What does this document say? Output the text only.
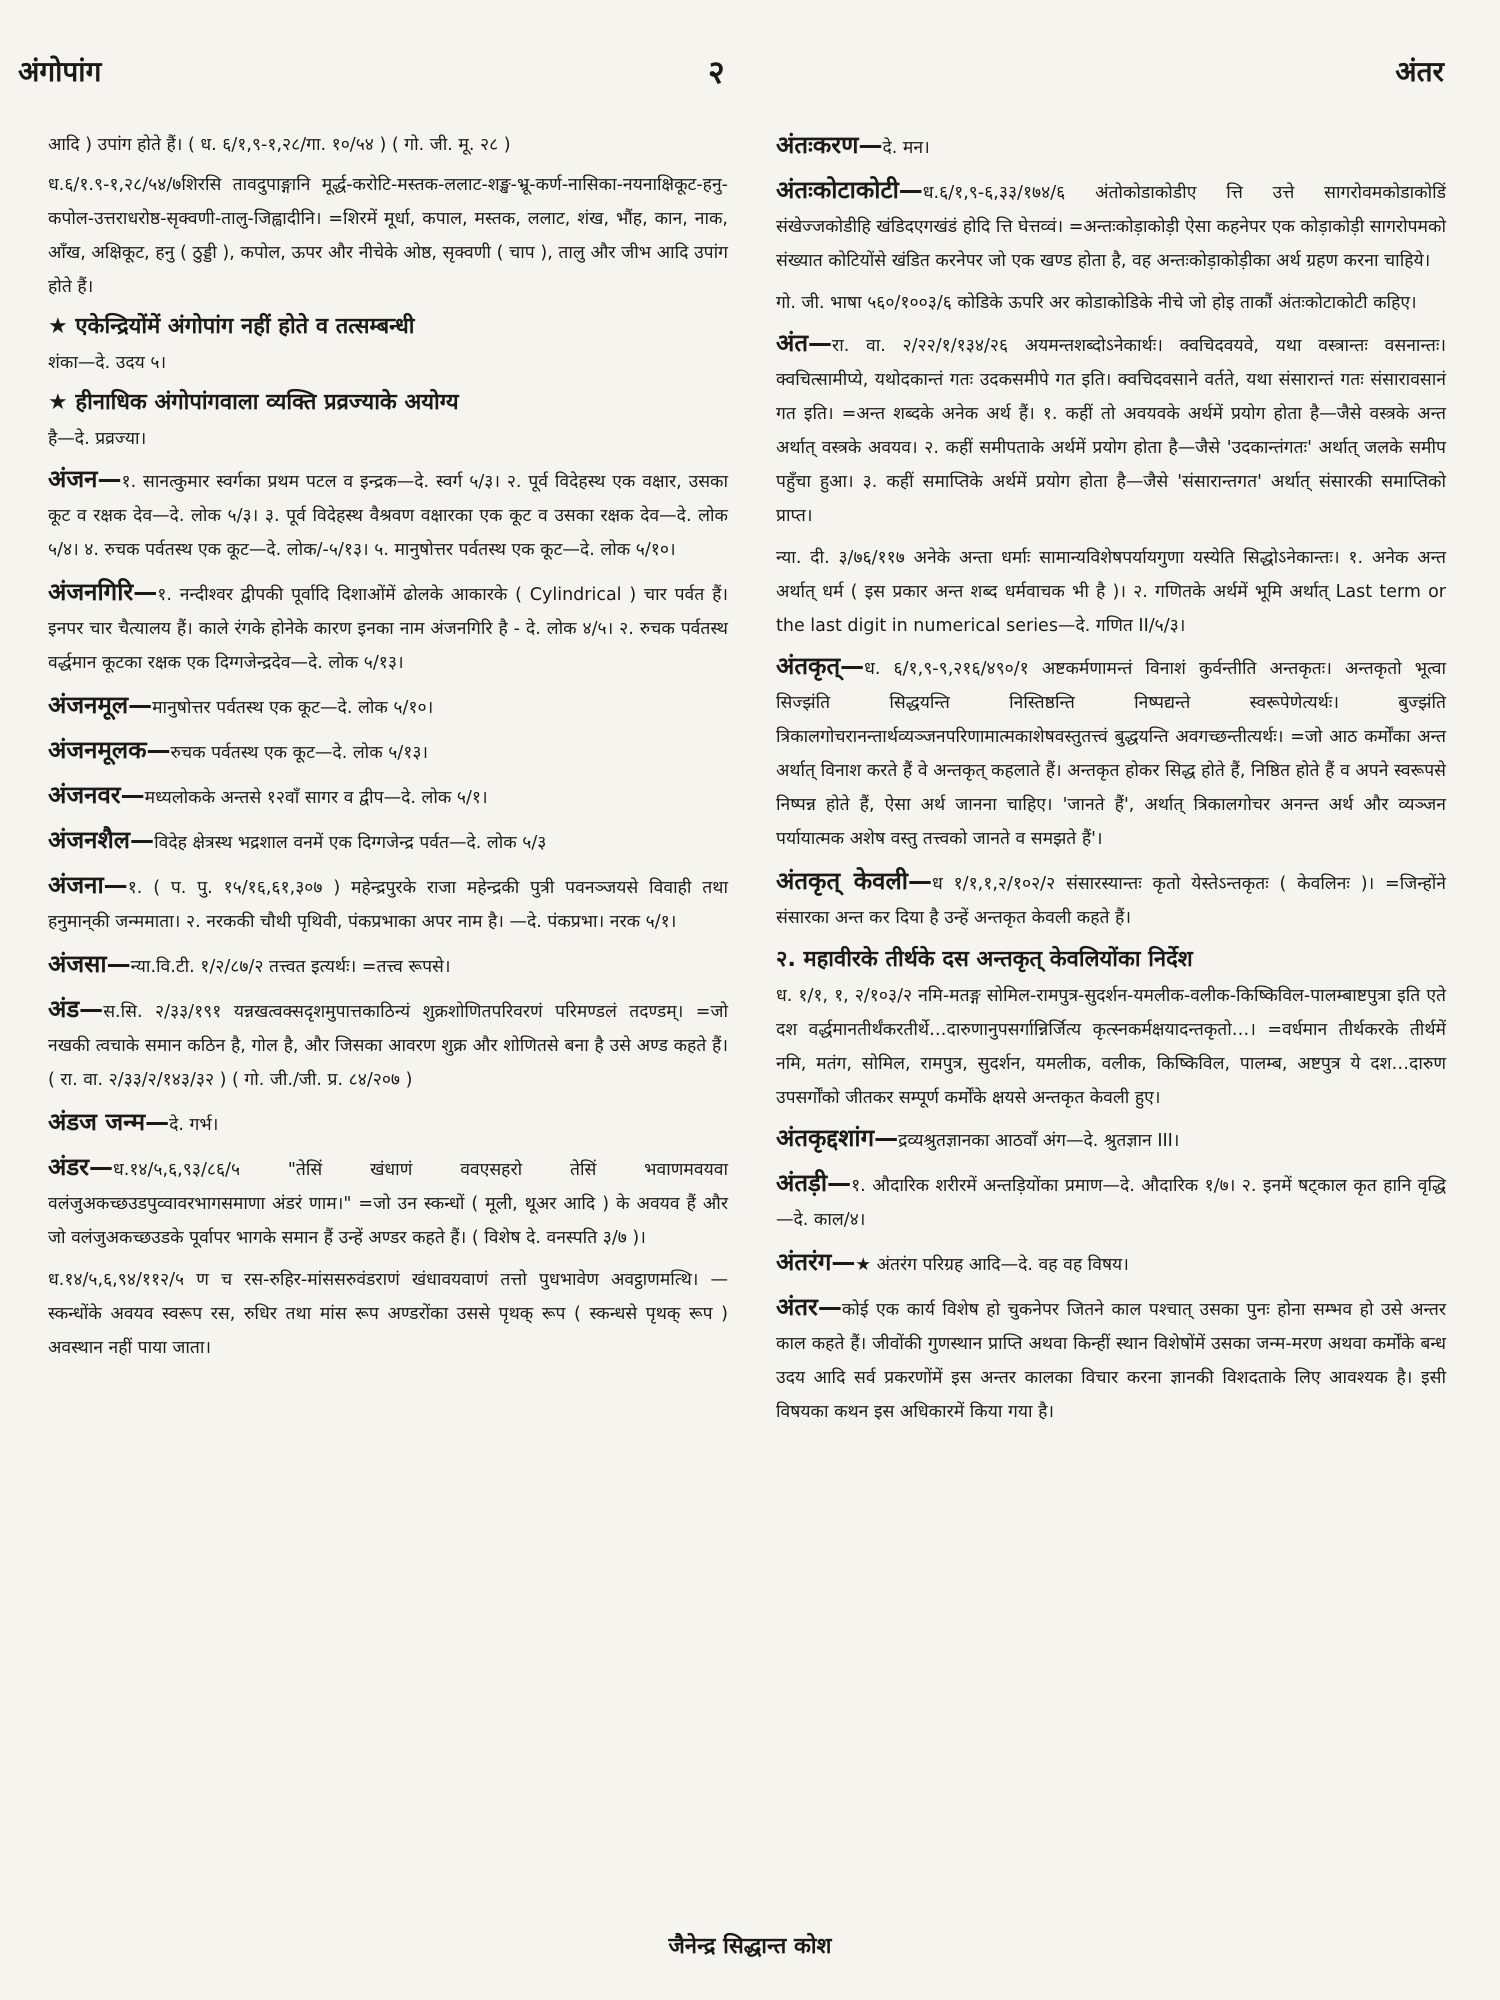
अंगोपांग	२	अंतर
आदि ) उपांग होते हैं। ( ध. ६/१,९-१,२८/गा. १०/५४ ) ( गो. जी. मू. २८ )
ध.६/१.९-१,२८/५४/७शिरसि तावदुपाङ्गानि मूर्द्ध-करोटि-मस्तक-ललाट-शङ्ख-भ्रू-कर्ण-नासिका-नयनाक्षिकूट-हनु-कपोल-उत्तराधरोष्ठ-सृक्वणी-तालु-जिह्वादीनि। =शिरमें मूर्धा, कपाल, मस्तक, ललाट, शंख, भौंह, कान, नाक, आँख, अक्षिकूट, हनु ( ठुड्डी ), कपोल, ऊपर और नीचेके ओष्ठ, सृक्वणी ( चाप ), तालु और जीभ आदि उपांग होते हैं।
★ एकेन्द्रियोंमें अंगोपांग नहीं होते व तत्सम्बन्धी
शंका—दे. उदय ५।
★ हीनाधिक अंगोपांगवाला व्यक्ति प्रव्रज्याके अयोग्य
है—दे. प्रव्रज्या।
अंजन—१. सानत्कुमार स्वर्गका प्रथम पटल व इन्द्रक—दे. स्वर्ग ५/३। २. पूर्व विदेहस्थ एक वक्षार, उसका कूट व रक्षक देव—दे. लोक ५/३। ३. पूर्व विदेहस्थ वैश्रवण वक्षारका एक कूट व उसका रक्षक देव—दे. लोक ५/४। ४. रुचक पर्वतस्थ एक कूट—दे. लोक/-५/१३। ५. मानुषोत्तर पर्वतस्थ एक कूट—दे. लोक ५/१०।
अंजनगिरि—१. नन्दीश्वर द्वीपकी पूर्वादि दिशाओंमें ढोलके आकारके ( Cylindrical ) चार पर्वत हैं। इनपर चार चैत्यालय हैं। काले रंगके होनेके कारण इनका नाम अंजनगिरि है - दे. लोक ४/५। २. रुचक पर्वतस्थ वर्द्धमान कूटका रक्षक एक दिग्गजेन्द्रदेव—दे. लोक ५/१३।
अंजनमूल—मानुषोत्तर पर्वतस्थ एक कूट—दे. लोक ५/१०।
अंजनमूलक—रुचक पर्वतस्थ एक कूट—दे. लोक ५/१३।
अंजनवर—मध्यलोकके अन्तसे १२वाँ सागर व द्वीप—दे. लोक ५/१।
अंजनशैल—विदेह क्षेत्रस्थ भद्रशाल वनमें एक दिग्गजेन्द्र पर्वत—दे. लोक ५/३
अंजना—१. ( प. पु. १५/१६,६१,३०७ ) महेन्द्रपुरके राजा महेन्द्रकी पुत्री पवनञ्जयसे विवाही तथा हनुमान्‌की जन्ममाता। २. नरककी चौथी पृथिवी, पंकप्रभाका अपर नाम है। —दे. पंकप्रभा। नरक ५/१।
अंजसा—न्या.वि.टी. १/२/८७/२ तत्त्वत इत्यर्थः। =तत्त्व रूपसे।
अंड—स.सि. २/३३/१९१ यन्नखत्वक्सदृशमुपात्तकाठिन्यं शुक्रशोणितपरिवरणं परिमण्डलं तदण्डम्। =जो नखकी त्वचाके समान कठिन है, गोल है, और जिसका आवरण शुक्र और शोणितसे बना है उसे अण्ड कहते हैं। ( रा. वा. २/३३/२/१४३/३२ ) ( गो. जी./जी. प्र. ८४/२०७ )
अंडज जन्म—दे. गर्भ।
अंडर—ध.१४/५,६,९३/८६/५ "तेसिं खंधाणं ववएसहरो तेसिं भवाणमवयवा वलंजुअकच्छउडपुव्वावरभागसमाणा अंडरं णाम।" =जो उन स्कन्धों ( मूली, थूअर आदि ) के अवयव हैं और जो वलंजुअकच्छउडके पूर्वापर भागके समान हैं उन्हें अण्डर कहते हैं। ( विशेष दे. वनस्पति ३/७ )।
ध.१४/५,६,९४/११२/५ ण च रस-रुहिर-मांससरुवंडराणं खंधावयवाणं तत्तो पुधभावेण अवट्ठाणमत्थि। —स्कन्धोंके अवयव स्वरूप रस, रुधिर तथा मांस रूप अण्डरोंका उससे पृथक् रूप ( स्कन्धसे पृथक् रूप ) अवस्थान नहीं पाया जाता।
अंतःकरण—दे. मन।
अंतःकोटाकोटी—ध.६/१,९-६,३३/१७४/६ अंतोकोडाकोडीए त्ति उत्ते सागरोवमकोडाकोडिं संखेज्जकोडीहि खंडिदएगखंडं होदि त्ति घेत्तव्वं। =अन्तःकोड़ाकोड़ी ऐसा कहनेपर एक कोड़ाकोड़ी सागरोपमको संख्यात कोटियोंसे खंडित करनेपर जो एक खण्ड होता है, वह अन्तःकोड़ाकोड़ीका अर्थ ग्रहण करना चाहिये।
गो. जी. भाषा ५६०/१००३/६ कोडिके ऊपरि अर कोडाकोडिके नीचे जो होइ ताकौं अंतःकोटाकोटी कहिए।
अंत—रा. वा. २/२२/१/१३४/२६ अयमन्तशब्दोऽनेकार्थः। क्वचिदवयवे, यथा वस्त्रान्तः वसनान्तः। क्वचित्सामीप्ये, यथोदकान्तं गतः उदकसमीपे गत इति। क्वचिदवसाने वर्तते, यथा संसारान्तं गतः संसारावसानं गत इति। =अन्त शब्दके अनेक अर्थ हैं। १. कहीं तो अवयवके अर्थमें प्रयोग होता है—जैसे वस्त्रके अन्त अर्थात् वस्त्रके अवयव। २. कहीं समीपताके अर्थमें प्रयोग होता है—जैसे 'उदकान्तंगतः' अर्थात् जलके समीप पहुँचा हुआ। ३. कहीं समाप्तिके अर्थमें प्रयोग होता है—जैसे 'संसारान्तगत' अर्थात् संसारकी समाप्तिको प्राप्त।
न्या. दी. ३/७६/११७ अनेके अन्ता धर्माः सामान्यविशेषपर्यायगुणा यस्येति सिद्धोऽनेकान्तः। १. अनेक अन्त अर्थात् धर्म ( इस प्रकार अन्त शब्द धर्मवाचक भी है )। २. गणितके अर्थमें भूमि अर्थात् Last term or the last digit in numerical series—दे. गणित II/५/३।
अंतकृत्—ध. ६/१,९-९,२१६/४९०/१ अष्टकर्मणामन्तं विनाशं कुर्वन्तीति अन्तकृतः। अन्तकृतो भूत्वा सिज्झंति सिद्धयन्ति निस्तिष्ठन्ति निष्पद्यन्ते स्वरूपेणेत्यर्थः। बुज्झंति त्रिकालगोचरानन्तार्थव्यञ्जनपरिणामात्मकाशेषवस्तुतत्त्वं बुद्धयन्ति अवगच्छन्तीत्यर्थः। =जो आठ कर्मोंका अन्त अर्थात् विनाश करते हैं वे अन्तकृत् कहलाते हैं। अन्तकृत होकर सिद्ध होते हैं, निष्ठित होते हैं व अपने स्वरूपसे निष्पन्न होते हैं, ऐसा अर्थ जानना चाहिए। 'जानते हैं', अर्थात् त्रिकालगोचर अनन्त अर्थ और व्यञ्जन पर्यायात्मक अशेष वस्तु तत्त्वको जानते व समझते हैं'।
अंतकृत् केवली—ध १/१,१,२/१०२/२ संसारस्यान्तः कृतो येस्तेऽन्तकृतः ( केवलिनः )। =जिन्होंने संसारका अन्त कर दिया है उन्हें अन्तकृत केवली कहते हैं।
२. महावीरके तीर्थके दस अन्तकृत् केवलियोंका निर्देश
ध. १/१, १, २/१०३/२ नमि-मतङ्ग सोमिल-रामपुत्र-सुदर्शन-यमलीक-वलीक-किष्किविल-पालम्बाष्टपुत्रा इति एते दश वर्द्धमानतीर्थंकरतीर्थे…दारुणानुपसर्गान्निर्जित्य कृत्स्नकर्मक्षयादन्तकृतो…। =वर्धमान तीर्थकरके तीर्थमें नमि, मतंग, सोमिल, रामपुत्र, सुदर्शन, यमलीक, वलीक, किष्किविल, पालम्ब, अष्टपुत्र ये दश…दारुण उपसर्गोंको जीतकर सम्पूर्ण कर्मोंके क्षयसे अन्तकृत केवली हुए।
अंतकृद्दशांग—द्रव्यश्रुतज्ञानका आठवाँ अंग—दे. श्रुतज्ञान III।
अंतड़ी—१. औदारिक शरीरमें अन्तड़ियोंका प्रमाण—दे. औदारिक १/७। २. इनमें षट्काल कृत हानि वृद्धि—दे. काल/४।
अंतरंग—★ अंतरंग परिग्रह आदि—दे. वह वह विषय।
अंतर—कोई एक कार्य विशेष हो चुकनेपर जितने काल पश्चात् उसका पुनः होना सम्भव हो उसे अन्तर काल कहते हैं। जीवोंकी गुणस्थान प्राप्ति अथवा किन्हीं स्थान विशेषोंमें उसका जन्म-मरण अथवा कर्मोंके बन्ध उदय आदि सर्व प्रकरणोंमें इस अन्तर कालका विचार करना ज्ञानकी विशदताके लिए आवश्यक है। इसी विषयका कथन इस अधिकारमें किया गया है।
जैनेन्द्र सिद्धान्त कोश
